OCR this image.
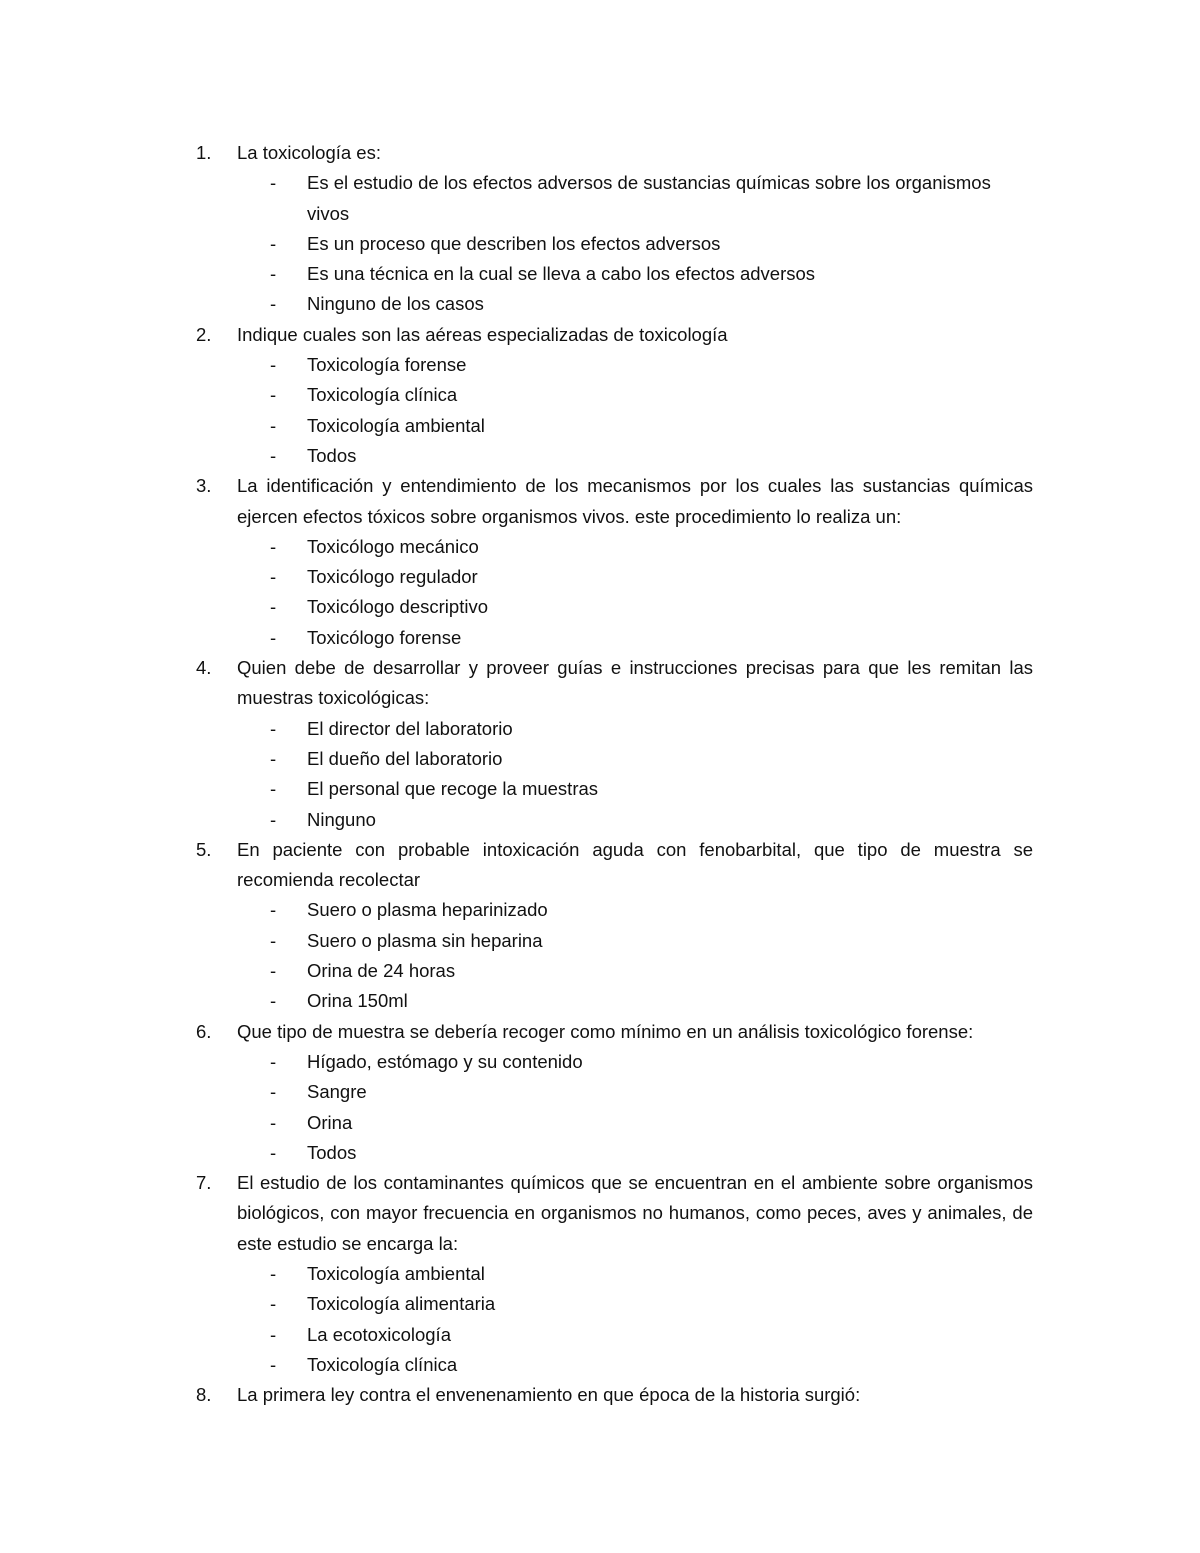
1.	La toxicología es:
-	Es el estudio de los efectos adversos de sustancias químicas sobre los organismos vivos
-	Es un proceso que describen los efectos adversos
-	Es una técnica en la cual se lleva a cabo los efectos adversos
-	Ninguno de los casos
2.	Indique cuales son las aéreas especializadas de toxicología
-	Toxicología forense
-	Toxicología clínica
-	Toxicología ambiental
-	Todos
3.	La identificación y entendimiento de los mecanismos por los cuales las sustancias químicas ejercen efectos tóxicos sobre organismos vivos. este procedimiento lo realiza un:
-	Toxicólogo mecánico
-	Toxicólogo regulador
-	Toxicólogo descriptivo
-	Toxicólogo forense
4.	Quien debe de desarrollar y proveer guías e instrucciones precisas para que les remitan las muestras toxicológicas:
-	El director del laboratorio
-	El dueño del laboratorio
-	El personal que recoge la muestras
-	Ninguno
5.	En paciente con probable intoxicación aguda con fenobarbital, que tipo de muestra se recomienda recolectar
-	Suero o plasma heparinizado
-	Suero o plasma sin heparina
-	Orina de 24 horas
-	Orina 150ml
6.	Que tipo de muestra se debería recoger como mínimo en un análisis toxicológico forense:
-	Hígado, estómago y su contenido
-	Sangre
-	Orina
-	Todos
7.	El estudio de los contaminantes químicos que se encuentran en el ambiente sobre organismos biológicos, con mayor frecuencia en organismos no humanos, como peces, aves y animales, de este estudio se encarga la:
-	Toxicología ambiental
-	Toxicología alimentaria
-	La ecotoxicología
-	Toxicología clínica
8.	La primera ley contra el envenenamiento en que época de la historia surgió:
